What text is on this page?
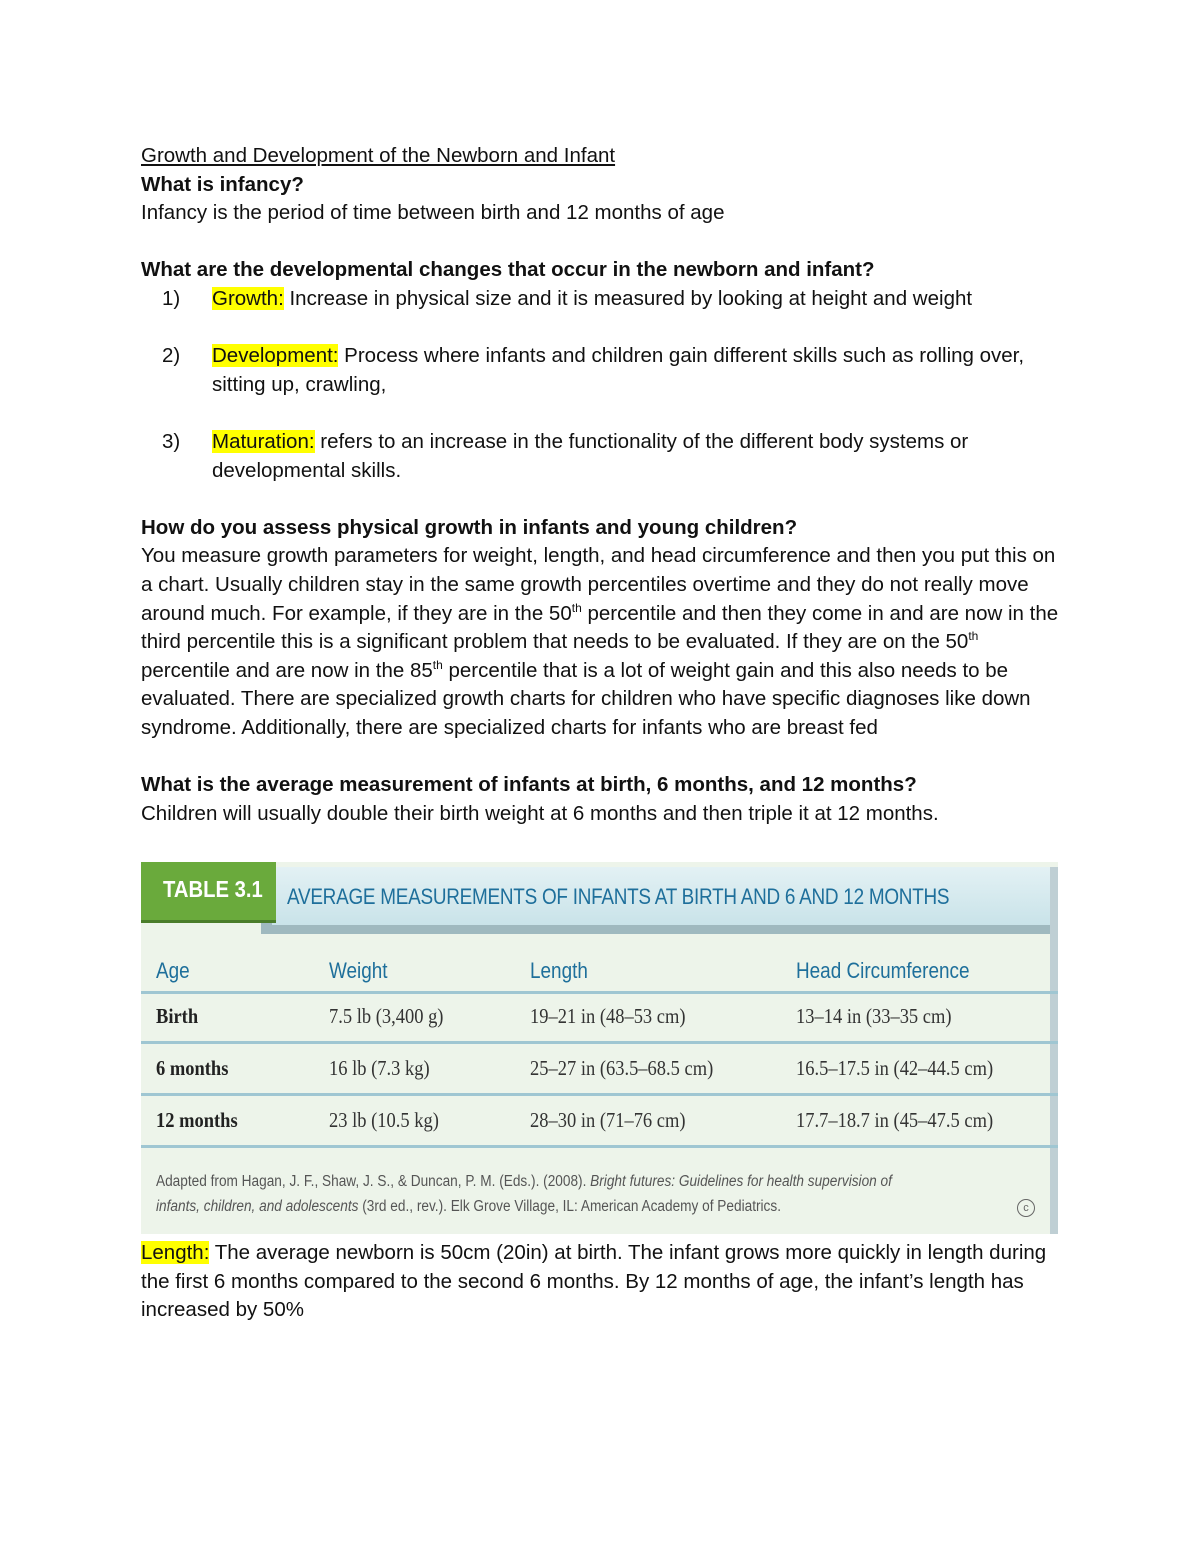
Growth and Development of the Newborn and Infant

What is infancy?

Infancy is the period of time between birth and 12 months of age

What are the developmental changes that occur in the newborn and infant?

1) Growth: Increase in physical size and it is measured by looking at height and weight
2) Development: Process where infants and children gain different skills such as rolling over, sitting up, crawling,
3) Maturation: refers to an increase in the functionality of the different body systems or developmental skills.

How do you assess physical growth in infants and young children?

You measure growth parameters for weight, length, and head circumference and then you put this on a chart. Usually children stay in the same growth percentiles overtime and they do not really move around much. For example, if they are in the 50th percentile and then they come in and are now in the third percentile this is a significant problem that needs to be evaluated. If they are on the 50th percentile and are now in the 85th percentile that is a lot of weight gain and this also needs to be evaluated. There are specialized growth charts for children who have specific diagnoses like down syndrome. Additionally, there are specialized charts for infants who are breast fed

What is the average measurement of infants at birth, 6 months, and 12 months?

Children will usually double their birth weight at 6 months and then triple it at 12 months.

AVERAGE MEASUREMENTS OF INFANTS AT BIRTH AND 6 AND 12 MONTHS
TABLE 3.1
Age	Weight	Length	Head Circumference
Birth	7.5 lb (3,400 g)	19–21 in (48–53 cm)	13–14 in (33–35 cm)
6 months	16 lb (7.3 kg)	25–27 in (63.5–68.5 cm)	16.5–17.5 in (42–44.5 cm)
12 months	23 lb (10.5 kg)	28–30 in (71–76 cm)	17.7–18.7 in (45–47.5 cm)
Adapted from Hagan, J. F., Shaw, J. S., & Duncan, P. M. (Eds.). (2008). Bright futures: Guidelines for health supervision of
infants, children, and adolescents (3rd ed., rev.). Elk Grove Village, IL: American Academy of Pediatrics.	c

Length: The average newborn is 50cm (20in) at birth. The infant grows more quickly in length during the first 6 months compared to the second 6 months. By 12 months of age, the infant’s length has increased by 50%
